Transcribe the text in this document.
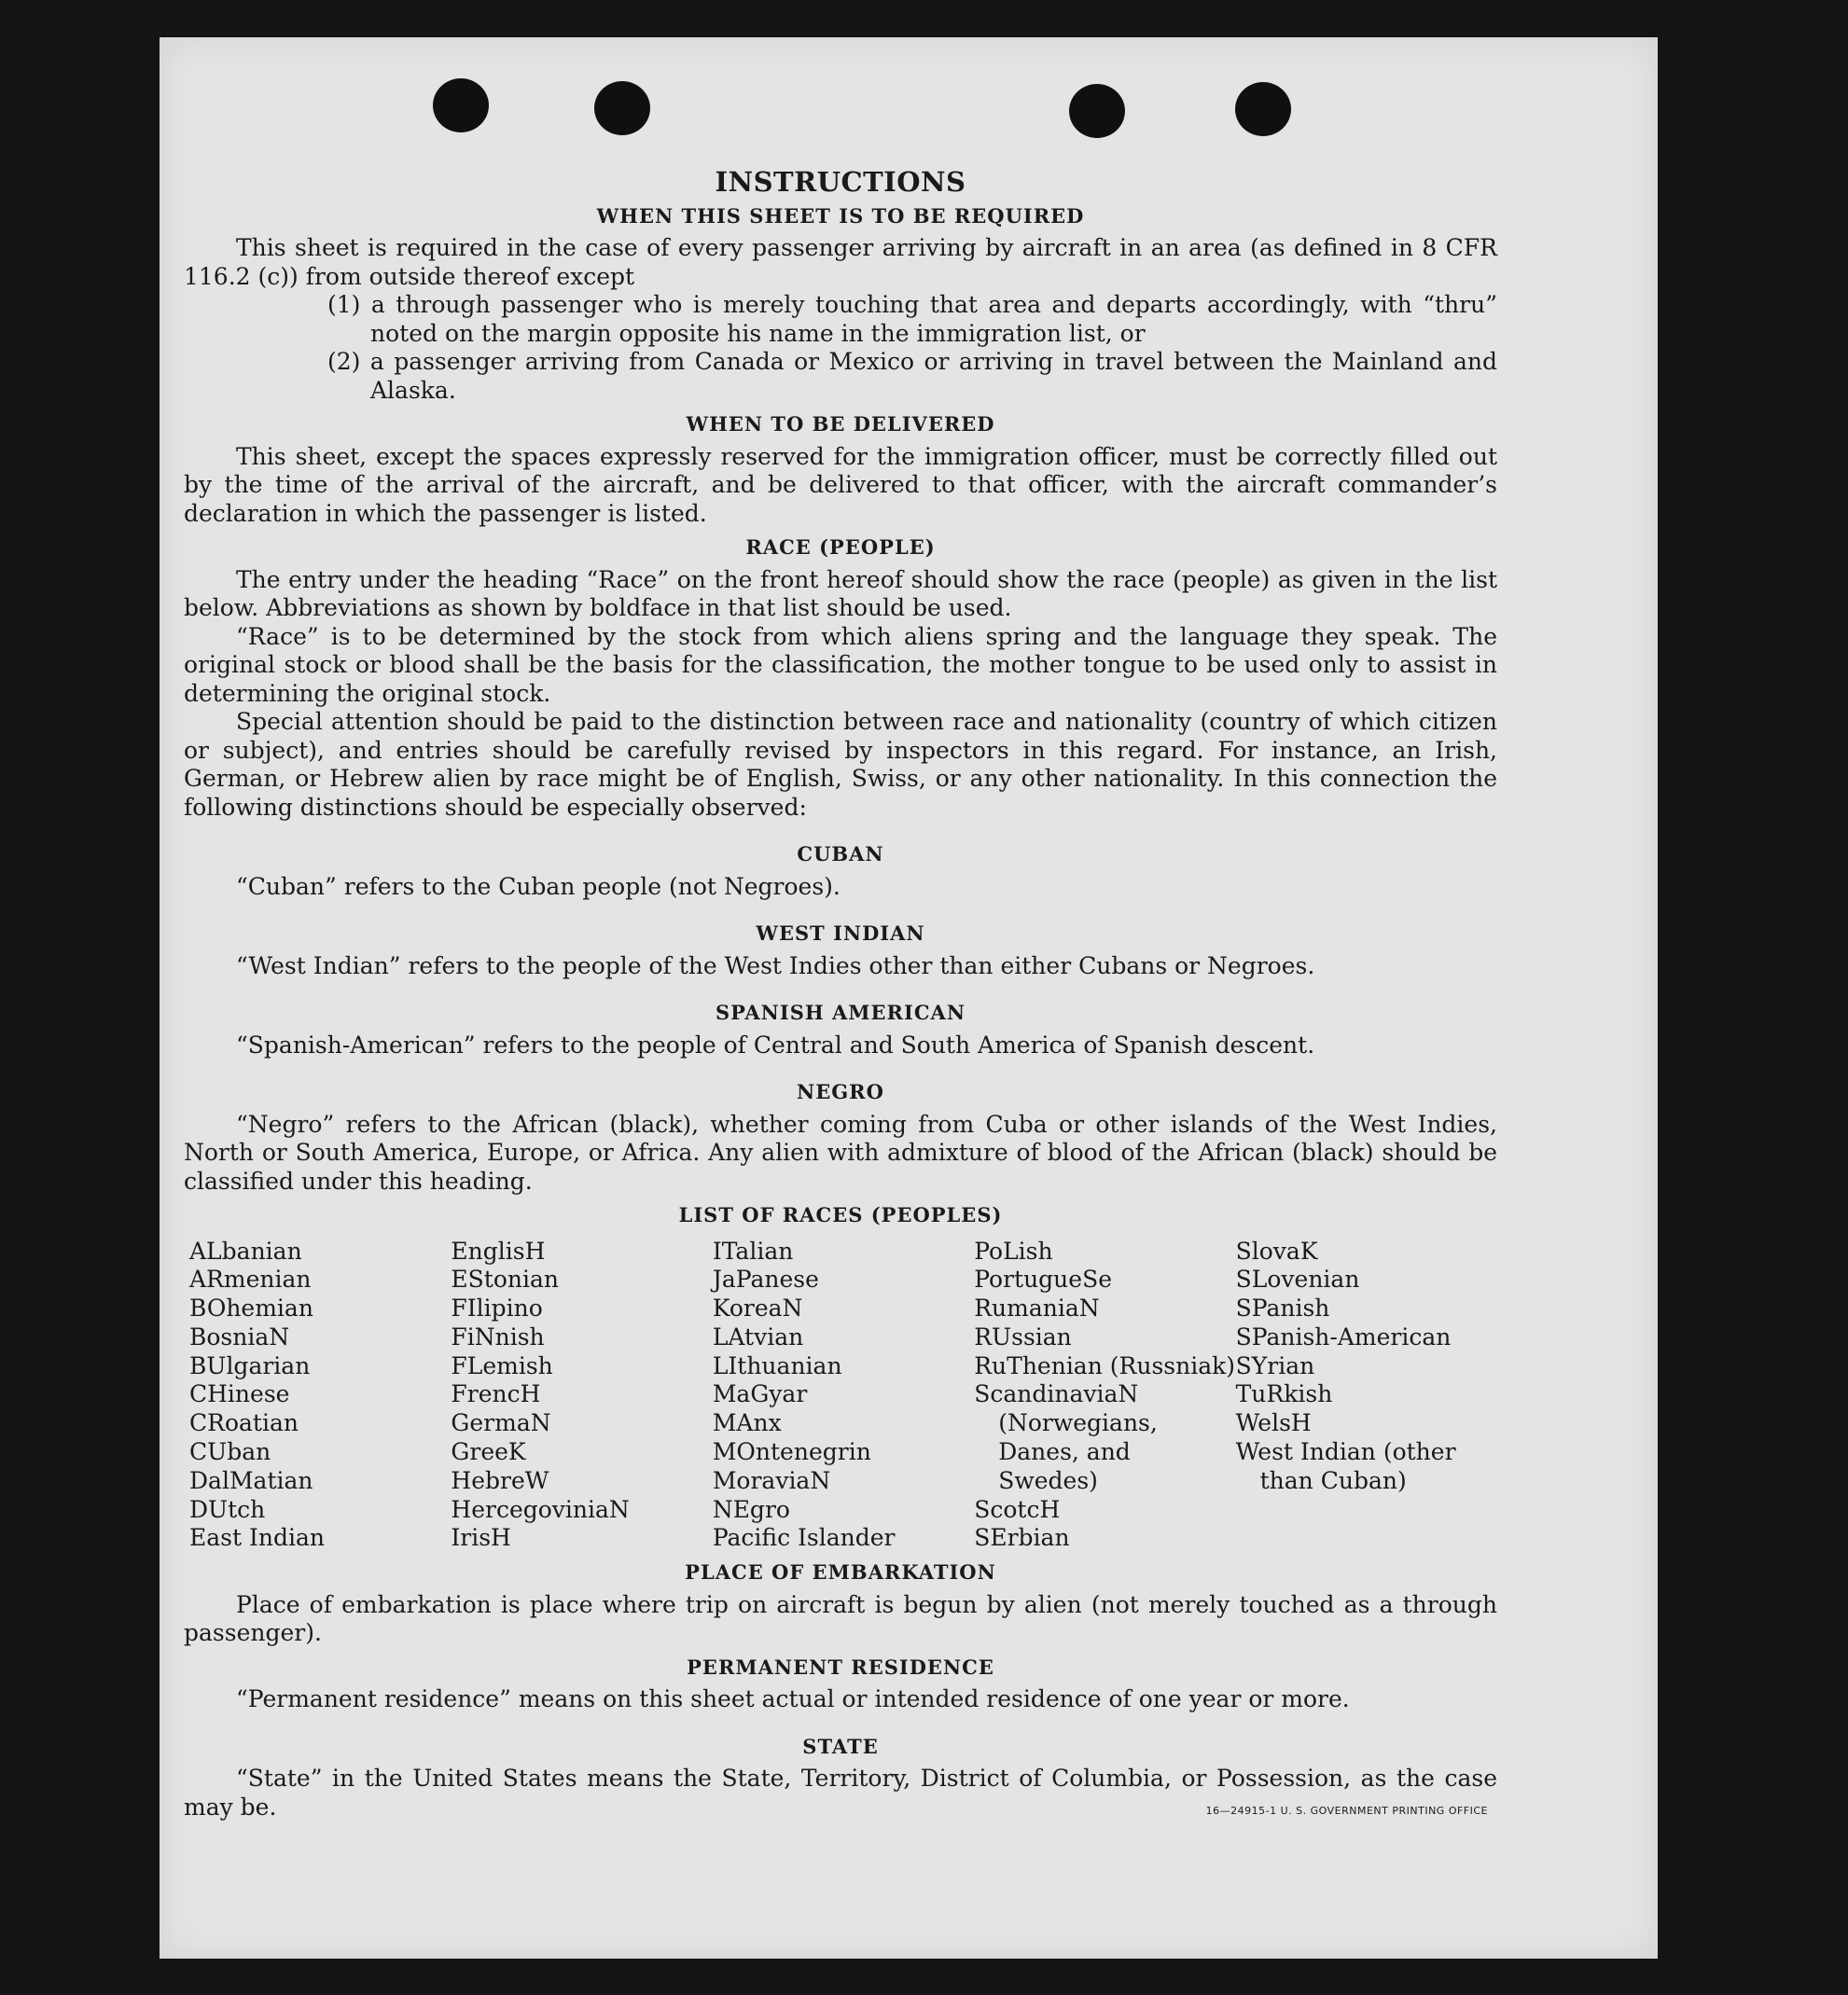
INSTRUCTIONS
WHEN THIS SHEET IS TO BE REQUIRED

This sheet is required in the case of every passenger arriving by aircraft in an area (as defined in 8 CFR 116.2 (c)) from outside thereof except

(1) a through passenger who is merely touching that area and departs accordingly, with “thru” noted on the margin opposite his name in the immigration list, or

(2) a passenger arriving from Canada or Mexico or arriving in travel between the Mainland and Alaska.

WHEN TO BE DELIVERED

This sheet, except the spaces expressly reserved for the immigration officer, must be correctly filled out by the time of the arrival of the aircraft, and be delivered to that officer, with the aircraft commander’s declaration in which the passenger is listed.

RACE (PEOPLE)

The entry under the heading “Race” on the front hereof should show the race (people) as given in the list below. Abbreviations as shown by boldface in that list should be used.

“Race” is to be determined by the stock from which aliens spring and the language they speak. The original stock or blood shall be the basis for the classification, the mother tongue to be used only to assist in determining the original stock.

Special attention should be paid to the distinction between race and nationality (country of which citizen or subject), and entries should be carefully revised by inspectors in this regard. For instance, an Irish, German, or Hebrew alien by race might be of English, Swiss, or any other nationality. In this connection the following distinctions should be especially observed:

CUBAN

“Cuban” refers to the Cuban people (not Negroes).

WEST INDIAN

“West Indian” refers to the people of the West Indies other than either Cubans or Negroes.

SPANISH AMERICAN

“Spanish-American” refers to the people of Central and South America of Spanish descent.

NEGRO

“Negro” refers to the African (black), whether coming from Cuba or other islands of the West Indies, North or South America, Europe, or Africa. Any alien with admixture of blood of the African (black) should be classified under this heading.

LIST OF RACES (PEOPLES)
ALbanian
ARmenian
BOhemian
BosniaN
BUlgarian
CHinese
CRoatian
CUban
DalMatian
DUtch
East Indian
EnglisH
EStonian
FIlipino
FiNnish
FLemish
FrencH
GermaN
GreeK
HebreW
HercegoviniaN
IrisH
ITalian
JaPanese
KoreaN
LAtvian
LIthuanian
MaGyar
MAnx
MOntenegrin
MoraviaN
NEgro
Pacific Islander
PoLish
PortugueSe
RumaniaN
RUssian
RuThenian (Russniak)
ScandinaviaN (Norwegians, Danes, and Swedes)
ScotcH
SErbian
SlovaK
SLovenian
SPanish
SPanish-American
SYrian
TuRkish
WelsH
West Indian (other than Cuban)
PLACE OF EMBARKATION

Place of embarkation is place where trip on aircraft is begun by alien (not merely touched as a through passenger).

PERMANENT RESIDENCE

“Permanent residence” means on this sheet actual or intended residence of one year or more.

STATE

“State” in the United States means the State, Territory, District of Columbia, or Possession, as the case may be.	16—24915-1 U. S. GOVERNMENT PRINTING OFFICE
